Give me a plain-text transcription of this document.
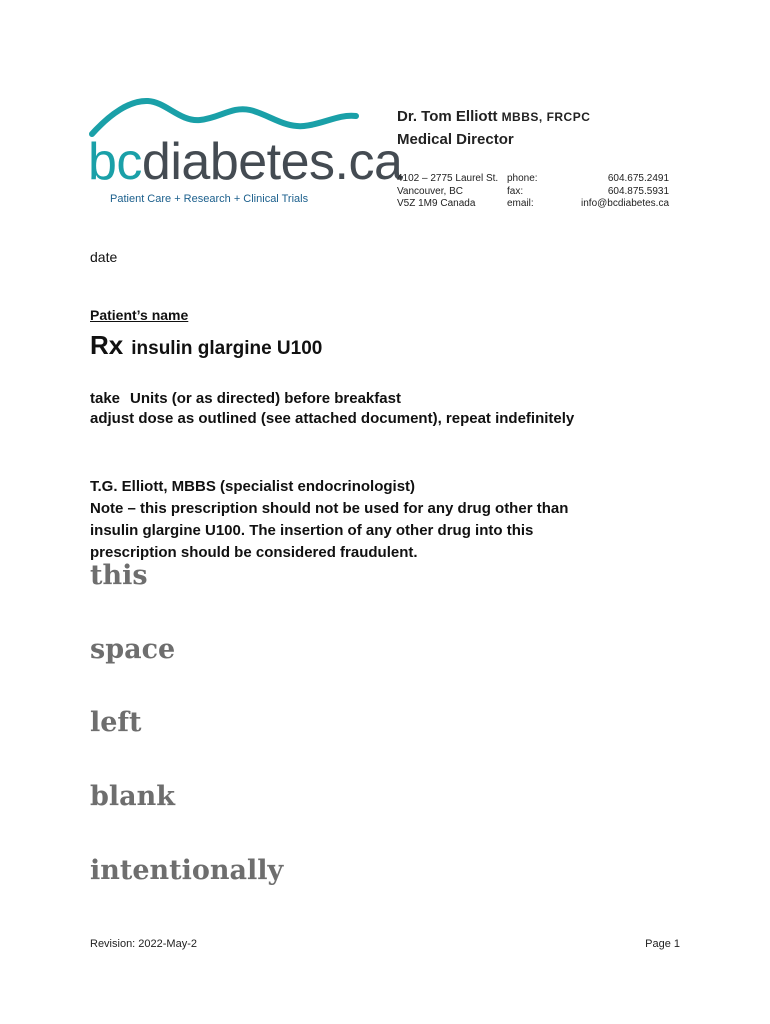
bcdiabetes.ca
Patient Care + Research + Clinical Trials
Dr. Tom Elliott MBBS, FRCPC
Medical Director
4102 – 2775 Laurel St.
Vancouver, BC
V5Z 1M9 Canada
phone:
fax:
email:
604.675.2491
604.875.5931
info@bcdiabetes.ca
date
Patient’s name
Rx insulin glargine U100
take Units (or as directed) before breakfast
adjust dose as outlined (see attached document), repeat indefinitely
T.G. Elliott, MBBS (specialist endocrinologist)
Note – this prescription should not be used for any drug other than
insulin glargine U100. The insertion of any other drug into this
prescription should be considered fraudulent.
this
space
left
blank
intentionally
Revision: 2022-May-2	Page 1
